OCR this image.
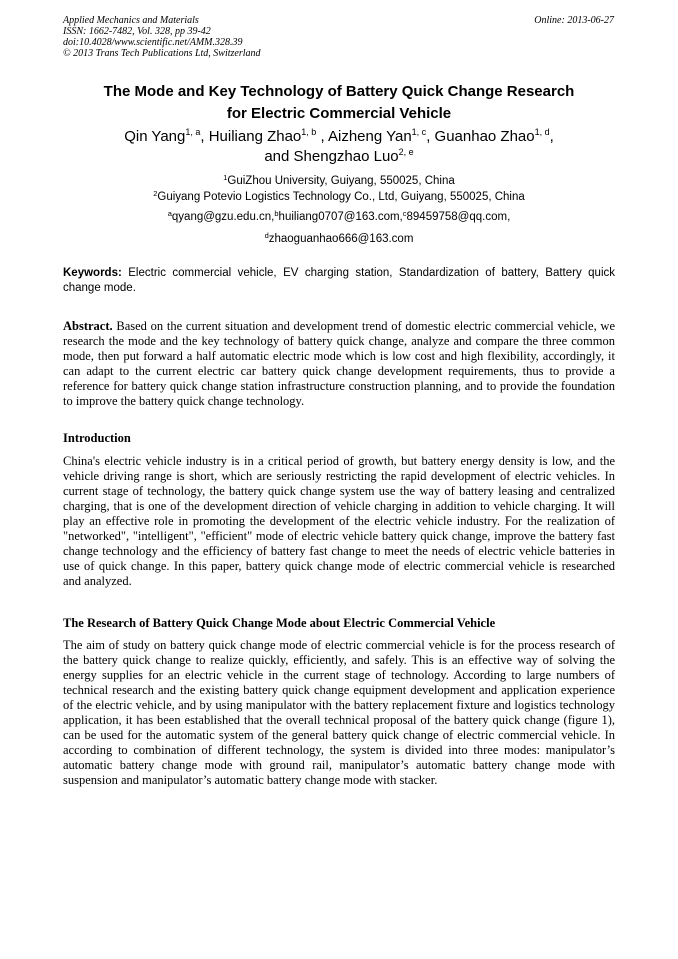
Applied Mechanics and Materials
ISSN: 1662-7482, Vol. 328, pp 39-42
doi:10.4028/www.scientific.net/AMM.328.39
© 2013 Trans Tech Publications Ltd, Switzerland
Online: 2013-06-27
The Mode and Key Technology of Battery Quick Change Research
for Electric Commercial Vehicle
Qin Yang$^{1, a}$, Huiliang Zhao$^{1, b}$ , Aizheng Yan$^{1, c}$, Guanhao Zhao$^{1, d}$,
and Shengzhao Luo$^{2, e}$
$^1$GuiZhou University, Guiyang, 550025, China
$^2$Guiyang Potevio Logistics Technology Co., Ltd, Guiyang, 550025, China
$^a$qyang@gzu.edu.cn,$^b$huiliang0707@163.com,$^c$89459758@qq.com,
$^d$zhaoguanhao666@163.com
Keywords: Electric commercial vehicle, EV charging station, Standardization of battery, Battery quick change mode.
Abstract. Based on the current situation and development trend of domestic electric commercial vehicle, we research the mode and the key technology of battery quick change, analyze and compare the three common mode, then put forward a half automatic electric mode which is low cost and high flexibility, accordingly, it can adapt to the current electric car battery quick change development requirements, thus to provide a reference for battery quick change station infrastructure construction planning, and to provide the foundation to improve the battery quick change technology.
Introduction
China's electric vehicle industry is in a critical period of growth, but battery energy density is low, and the vehicle driving range is short, which are seriously restricting the rapid development of electric vehicles. In current stage of technology, the battery quick change system use the way of battery leasing and centralized charging, that is one of the development direction of vehicle charging in addition to vehicle charging. It will play an effective role in promoting the development of the electric vehicle industry. For the realization of "networked", "intelligent", "efficient" mode of electric vehicle battery quick change, improve the battery fast change technology and the efficiency of battery fast change to meet the needs of electric vehicle batteries in use of quick change. In this paper, battery quick change mode of electric commercial vehicle is researched and analyzed.
The Research of Battery Quick Change Mode about Electric Commercial Vehicle
The aim of study on battery quick change mode of electric commercial vehicle is for the process research of the battery quick change to realize quickly, efficiently, and safely. This is an effective way of solving the energy supplies for an electric vehicle in the current stage of technology. According to large numbers of technical research and the existing battery quick change equipment development and application experience of the electric vehicle, and by using manipulator with the battery replacement fixture and logistics technology application, it has been established that the overall technical proposal of the battery quick change (figure 1), can be used for the automatic system of the general battery quick change of electric commercial vehicle. In according to combination of different technology, the system is divided into three modes: manipulator’s automatic battery change mode with ground rail, manipulator’s automatic battery change mode with suspension and manipulator’s automatic battery change mode with stacker.
